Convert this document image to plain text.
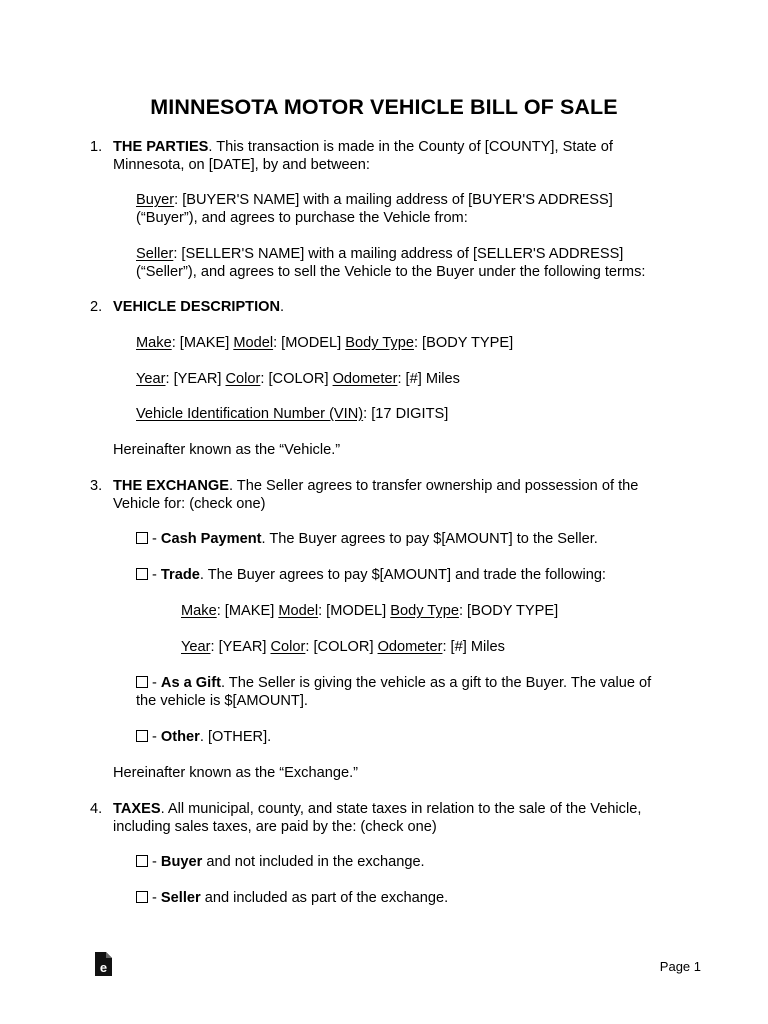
MINNESOTA MOTOR VEHICLE BILL OF SALE
1. THE PARTIES. This transaction is made in the County of [COUNTY], State of
Minnesota, on [DATE], by and between:
Buyer: [BUYER'S NAME] with a mailing address of [BUYER'S ADDRESS]
(“Buyer”), and agrees to purchase the Vehicle from:
Seller: [SELLER'S NAME] with a mailing address of [SELLER'S ADDRESS]
(“Seller”), and agrees to sell the Vehicle to the Buyer under the following terms:
2. VEHICLE DESCRIPTION.
Make: [MAKE] Model: [MODEL] Body Type: [BODY TYPE]
Year: [YEAR] Color: [COLOR] Odometer: [#] Miles
Vehicle Identification Number (VIN): [17 DIGITS]
Hereinafter known as the “Vehicle.”
3. THE EXCHANGE. The Seller agrees to transfer ownership and possession of the
Vehicle for: (check one)
- Cash Payment. The Buyer agrees to pay $[AMOUNT] to the Seller.
- Trade. The Buyer agrees to pay $[AMOUNT] and trade the following:
Make: [MAKE] Model: [MODEL] Body Type: [BODY TYPE]
Year: [YEAR] Color: [COLOR] Odometer: [#] Miles
- As a Gift. The Seller is giving the vehicle as a gift to the Buyer. The value of
the vehicle is $[AMOUNT].
- Other. [OTHER].
Hereinafter known as the “Exchange.”
4. TAXES. All municipal, county, and state taxes in relation to the sale of the Vehicle,
including sales taxes, are paid by the: (check one)
- Buyer and not included in the exchange.
- Seller and included as part of the exchange.
e	Page 1
